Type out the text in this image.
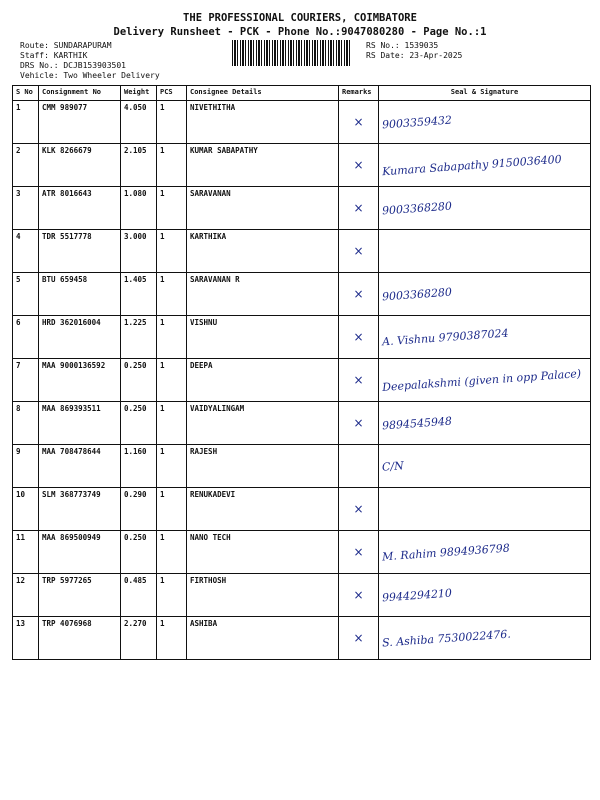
THE PROFESSIONAL COURIERS, COIMBATORE
Delivery Runsheet - PCK - Phone No.:9047080280 - Page No.:1
Route: SUNDARAPURAM
Staff: KARTHIK
DRS No.: DCJB153903501
Vehicle: Two Wheeler Delivery
RS No.: 1539035
RS Date: 23-Apr-2025
S No	Consignment No	Weight	PCS	Consignee Details	Remarks	Seal & Signature
1	CMM 989077	4.050	1	NIVETHITHA	×	9003359432
2	KLK 8266679	2.105	1	KUMAR SABAPATHY	×	Kumara Sabapathy 9150036400
3	ATR 8016643	1.080	1	SARAVANAN	×	9003368280
4	TDR 5517778	3.000	1	KARTHIKA	×	
5	BTU 659458	1.405	1	SARAVANAN R	×	9003368280
6	HRD 362016004	1.225	1	VISHNU	×	A. Vishnu 9790387024
7	MAA 9000136592	0.250	1	DEEPA	×	Deepalakshmi (given in opp Palace)
8	MAA 869393511	0.250	1	VAIDYALINGAM	×	9894545948
9	MAA 708478644	1.160	1	RAJESH		C/N
10	SLM 368773749	0.290	1	RENUKADEVI	×	
11	MAA 869500949	0.250	1	NANO TECH	×	M. Rahim 9894936798
12	TRP 5977265	0.485	1	FIRTHOSH	×	9944294210
13	TRP 4076968	2.270	1	ASHIBA	×	S. Ashiba 7530022476.
